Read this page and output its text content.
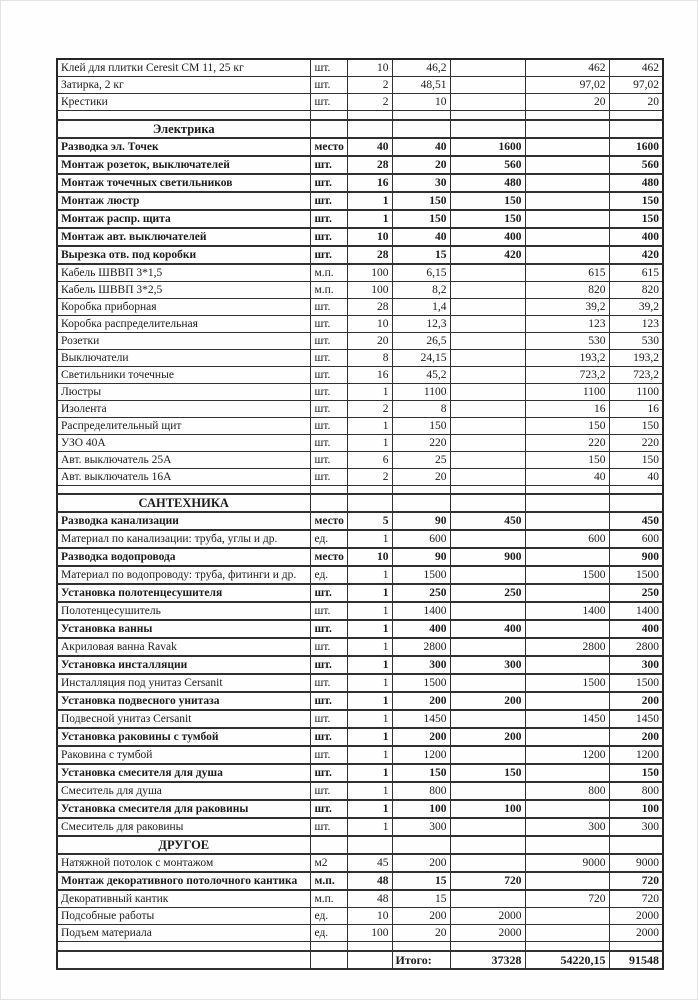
Клей для плитки Ceresit CM 11, 25 кг	шт.	10	46,2		462	462
Затирка, 2 кг	шт.	2	48,51		97,02	97,02
Крестики	шт.	2	10		20	20

Электрика						
Разводка эл. Точек	место	40	40	1600		1600
Монтаж розеток, выключателей	шт.	28	20	560		560
Монтаж точечных светильников	шт.	16	30	480		480
Монтаж люстр	шт.	1	150	150		150
Монтаж распр. щита	шт.	1	150	150		150
Монтаж авт. выключателей	шт.	10	40	400		400
Вырезка отв. под коробки	шт.	28	15	420		420
Кабель ШВВП 3*1,5	м.п.	100	6,15		615	615
Кабель ШВВП 3*2,5	м.п.	100	8,2		820	820
Коробка приборная	шт.	28	1,4		39,2	39,2
Коробка распределительная	шт.	10	12,3		123	123
Розетки	шт.	20	26,5		530	530
Выключатели	шт.	8	24,15		193,2	193,2
Светильники точечные	шт.	16	45,2		723,2	723,2
Люстры	шт.	1	1100		1100	1100
Изолента	шт.	2	8		16	16
Распределительный щит	шт.	1	150		150	150
УЗО 40А	шт.	1	220		220	220
Авт. выключатель 25А	шт.	6	25		150	150
Авт. выключатель 16А	шт.	2	20		40	40

САНТЕХНИКА						
Разводка канализации	место	5	90	450		450
Материал по канализации: труба, углы и др.	ед.	1	600		600	600
Разводка водопровода	место	10	90	900		900
Материал по водопроводу: труба, фитинги и др.	ед.	1	1500		1500	1500
Установка полотенцесушителя	шт.	1	250	250		250
Полотенцесушитель	шт.	1	1400		1400	1400
Установка ванны	шт.	1	400	400		400
Акриловая ванна Ravak	шт.	1	2800		2800	2800
Установка инсталляции	шт.	1	300	300		300
Инсталляция под унитаз Cersanit	шт.	1	1500		1500	1500
Установка подвесного унитаза	шт.	1	200	200		200
Подвесной унитаз Cersanit	шт.	1	1450		1450	1450
Установка раковины с тумбой	шт.	1	200	200		200
Раковина с тумбой	шт.	1	1200		1200	1200
Установка смесителя для душа	шт.	1	150	150		150
Смеситель для душа	шт.	1	800		800	800
Установка смесителя для раковины	шт.	1	100	100		100
Смеситель для раковины	шт.	1	300		300	300
ДРУГОЕ						
Натяжной потолок с монтажом	м2	45	200		9000	9000
Монтаж декоративного потолочного кантика	м.п.	48	15	720		720
Декоративный кантик	м.п.	48	15		720	720
Подсобные работы	ед.	10	200	2000		2000
Подъем материала	ед.	100	20	2000		2000

			Итого:	37328	54220,15	91548
